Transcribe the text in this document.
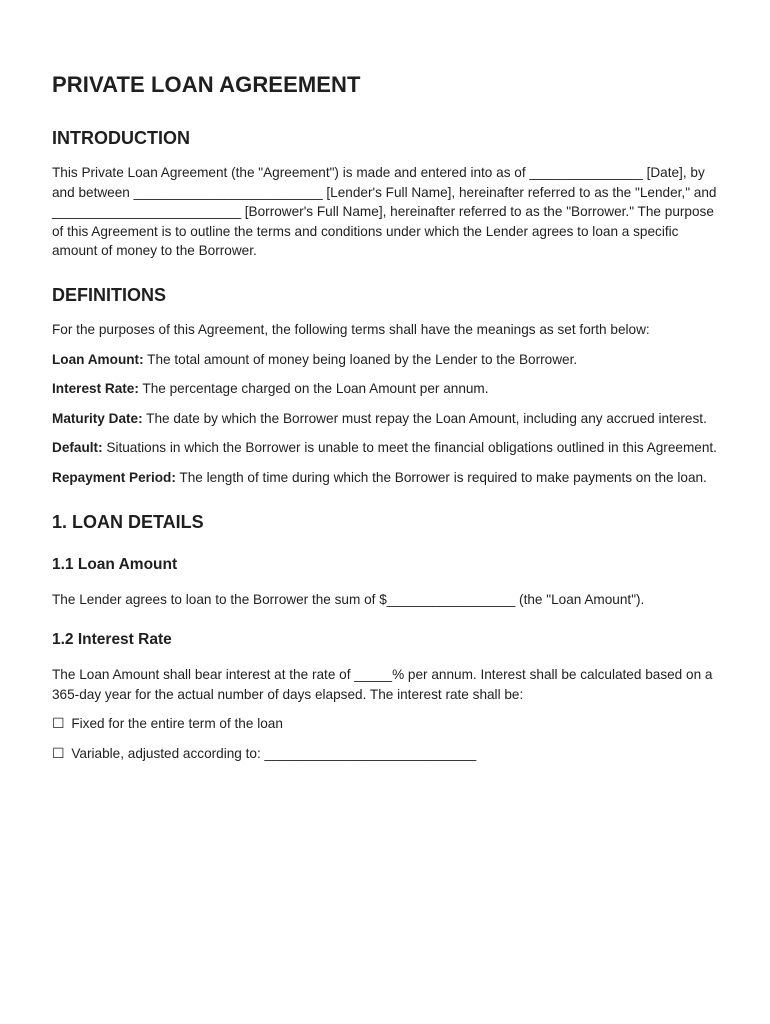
PRIVATE LOAN AGREEMENT
INTRODUCTION

This Private Loan Agreement (the "Agreement") is made and entered into as of _______________ [Date], by and between _________________________ [Lender's Full Name], hereinafter referred to as the "Lender," and _________________________ [Borrower's Full Name], hereinafter referred to as the "Borrower." The purpose of this Agreement is to outline the terms and conditions under which the Lender agrees to loan a specific amount of money to the Borrower.

DEFINITIONS

For the purposes of this Agreement, the following terms shall have the meanings as set forth below:

Loan Amount: The total amount of money being loaned by the Lender to the Borrower.

Interest Rate: The percentage charged on the Loan Amount per annum.

Maturity Date: The date by which the Borrower must repay the Loan Amount, including any accrued interest.

Default: Situations in which the Borrower is unable to meet the financial obligations outlined in this Agreement.

Repayment Period: The length of time during which the Borrower is required to make payments on the loan.

1. LOAN DETAILS
1.1 Loan Amount

The Lender agrees to loan to the Borrower the sum of $_________________ (the "Loan Amount").

1.2 Interest Rate

The Loan Amount shall bear interest at the rate of _____% per annum. Interest shall be calculated based on a 365-day year for the actual number of days elapsed. The interest rate shall be:

☐ Fixed for the entire term of the loan

☐ Variable, adjusted according to: ____________________________
